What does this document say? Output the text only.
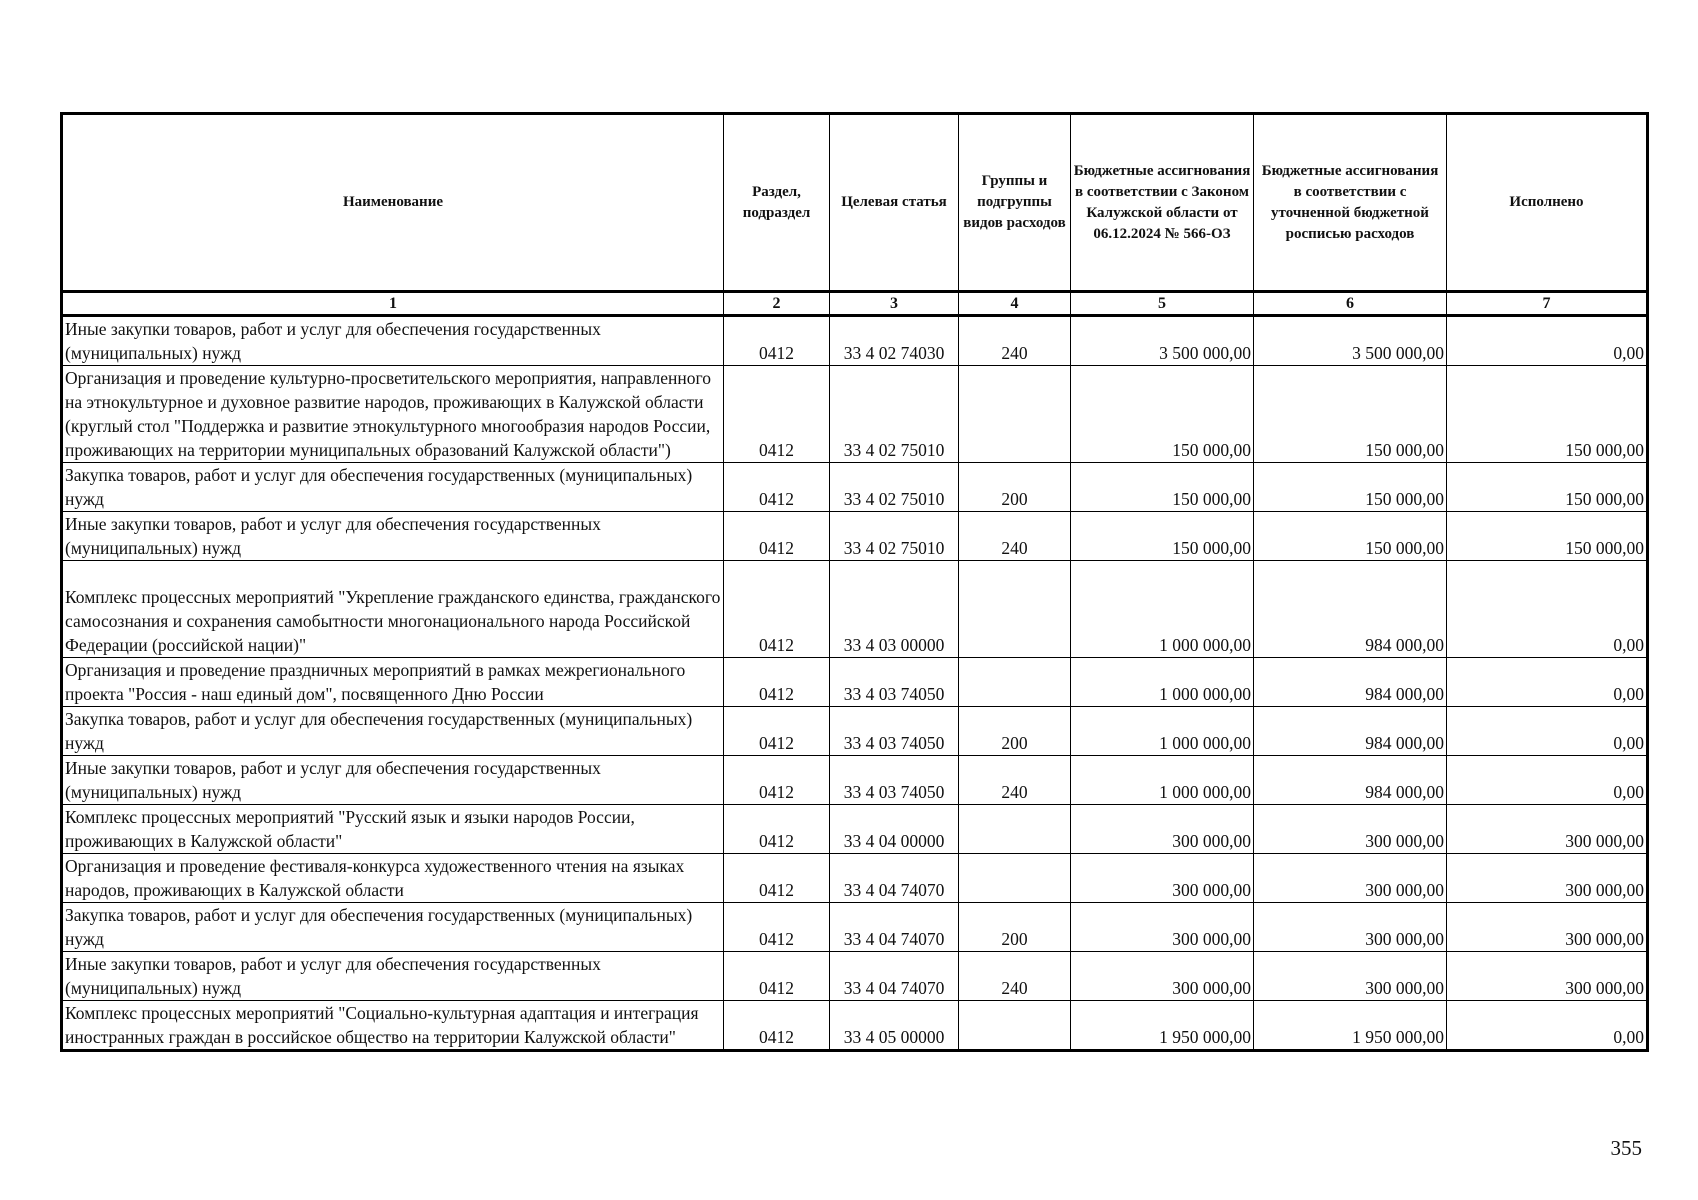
Наименование	Раздел, подраздел	Целевая статья	Группы и подгруппы видов расходов	Бюджетные ассигнования в соответствии с Законом Калужской области от 06.12.2024 № 566-ОЗ	Бюджетные ассигнования в соответствии с уточненной бюджетной росписью расходов	Исполнено
1	2	3	4	5	6	7
Иные закупки товаров, работ и услуг для обеспечения государственных (муниципальных) нужд	0412	33 4 02 74030	240	3 500 000,00	3 500 000,00	0,00
Организация и проведение культурно-просветительского мероприятия, направленного на этнокультурное и духовное развитие народов, проживающих в Калужской области (круглый стол "Поддержка и развитие этнокультурного многообразия народов России, проживающих на территории муниципальных образований Калужской области")	0412	33 4 02 75010		150 000,00	150 000,00	150 000,00
Закупка товаров, работ и услуг для обеспечения государственных (муниципальных) нужд	0412	33 4 02 75010	200	150 000,00	150 000,00	150 000,00
Иные закупки товаров, работ и услуг для обеспечения государственных (муниципальных) нужд	0412	33 4 02 75010	240	150 000,00	150 000,00	150 000,00
Комплекс процессных мероприятий "Укрепление гражданского единства, гражданского самосознания и сохранения самобытности многонационального народа Российской Федерации (российской нации)"	0412	33 4 03 00000		1 000 000,00	984 000,00	0,00
Организация и проведение праздничных мероприятий в рамках межрегионального проекта "Россия - наш единый дом", посвященного Дню России	0412	33 4 03 74050		1 000 000,00	984 000,00	0,00
Закупка товаров, работ и услуг для обеспечения государственных (муниципальных) нужд	0412	33 4 03 74050	200	1 000 000,00	984 000,00	0,00
Иные закупки товаров, работ и услуг для обеспечения государственных (муниципальных) нужд	0412	33 4 03 74050	240	1 000 000,00	984 000,00	0,00
Комплекс процессных мероприятий "Русский язык и языки народов России, проживающих в Калужской области"	0412	33 4 04 00000		300 000,00	300 000,00	300 000,00
Организация и проведение фестиваля-конкурса художественного чтения на языках народов, проживающих в Калужской области	0412	33 4 04 74070		300 000,00	300 000,00	300 000,00
Закупка товаров, работ и услуг для обеспечения государственных (муниципальных) нужд	0412	33 4 04 74070	200	300 000,00	300 000,00	300 000,00
Иные закупки товаров, работ и услуг для обеспечения государственных (муниципальных) нужд	0412	33 4 04 74070	240	300 000,00	300 000,00	300 000,00
Комплекс процессных мероприятий "Социально-культурная адаптация и интеграция иностранных граждан в российское общество на территории Калужской области"	0412	33 4 05 00000		1 950 000,00	1 950 000,00	0,00
355
